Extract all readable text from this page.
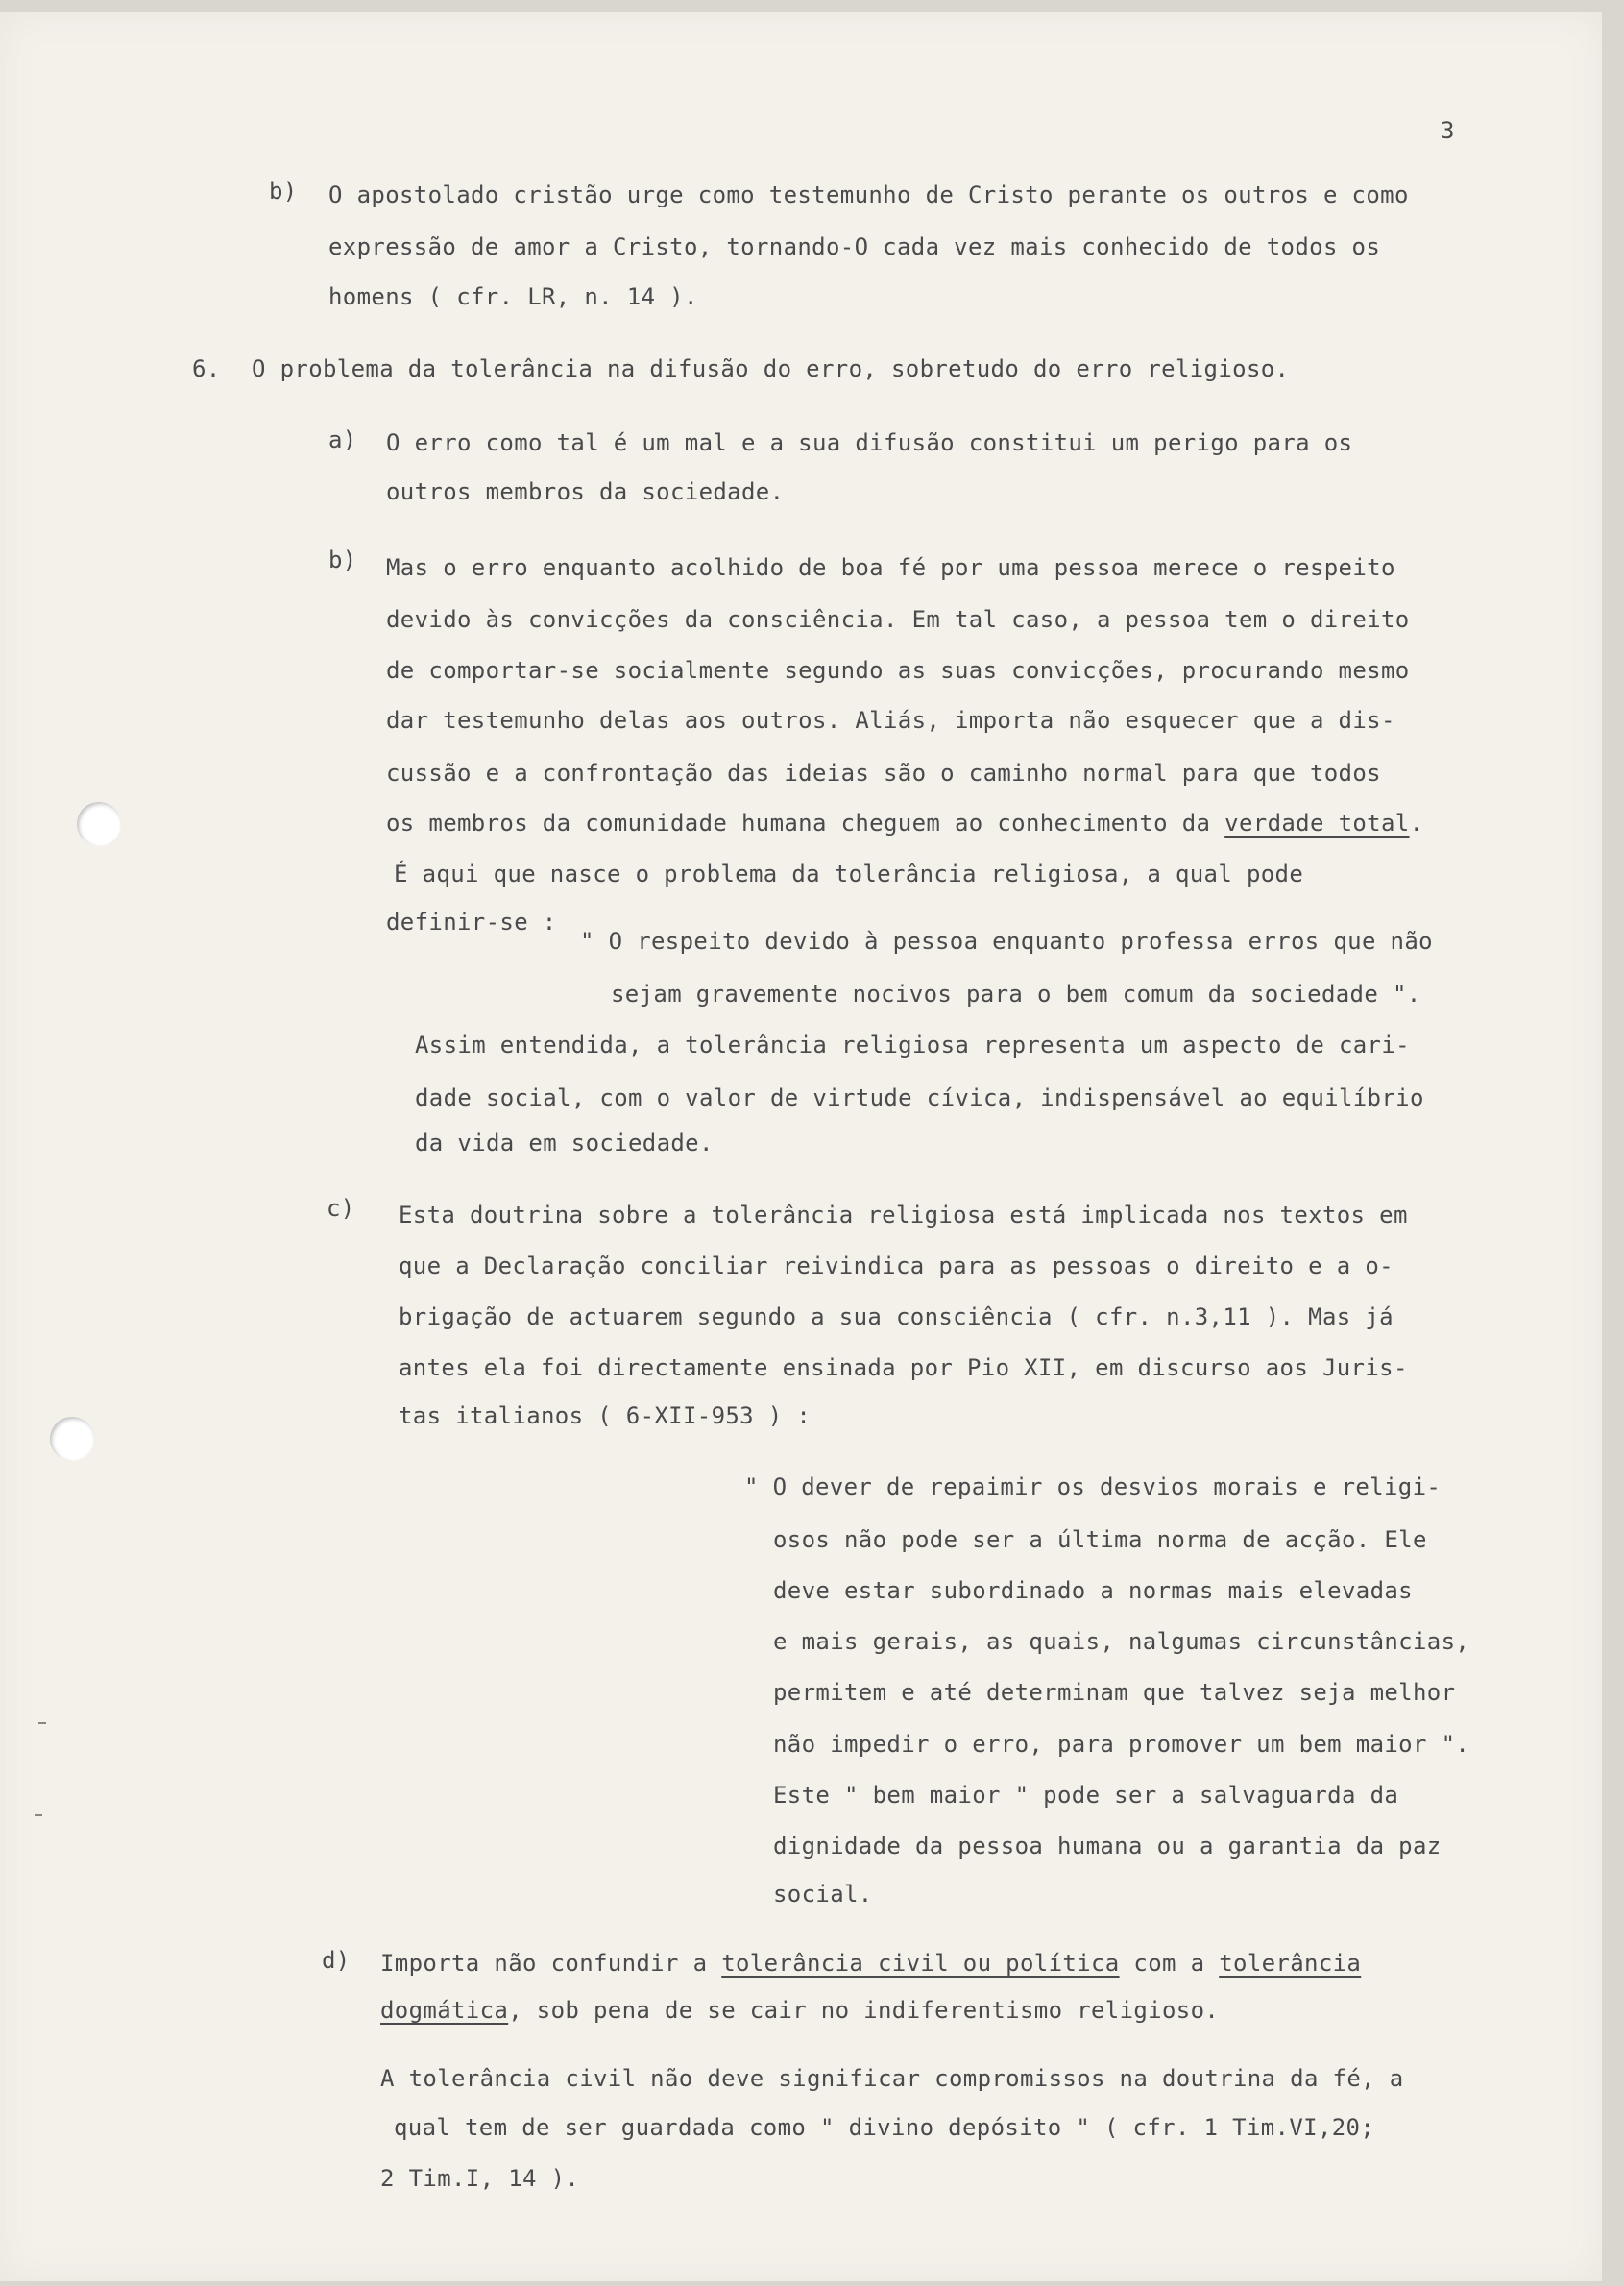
3
b) O apostolado cristão urge como testemunho de Cristo perante os outros e como
expressão de amor a Cristo, tornando-O cada vez mais conhecido de todos os
homens ( cfr. LR, n. 14 ).
6. O problema da tolerância na difusão do erro, sobretudo do erro religioso.
a) O erro como tal é um mal e a sua difusão constitui um perigo para os
outros membros da sociedade.
b) Mas o erro enquanto acolhido de boa fé por uma pessoa merece o respeito
devido às convicções da consciência. Em tal caso, a pessoa tem o direito
de comportar-se socialmente segundo as suas convicções, procurando mesmo
dar testemunho delas aos outros. Aliás, importa não esquecer que a dis-
cussão e a confrontação das ideias são o caminho normal para que todos
os membros da comunidade humana cheguem ao conhecimento da verdade total.
É aqui que nasce o problema da tolerância religiosa, a qual pode
definir-se :
" O respeito devido à pessoa enquanto professa erros que não
sejam gravemente nocivos para o bem comum da sociedade ".
Assim entendida, a tolerância religiosa representa um aspecto de cari-
dade social, com o valor de virtude cívica, indispensável ao equilíbrio
da vida em sociedade.
c) Esta doutrina sobre a tolerância religiosa está implicada nos textos em
que a Declaração conciliar reivindica para as pessoas o direito e a o-
brigação de actuarem segundo a sua consciência ( cfr. n.3,11 ). Mas já
antes ela foi directamente ensinada por Pio XII, em discurso aos Juris-
tas italianos ( 6-XII-953 ) :
" O dever de repaimir os desvios morais e religi-
osos não pode ser a última norma de acção. Ele
deve estar subordinado a normas mais elevadas
e mais gerais, as quais, nalgumas circunstâncias,
permitem e até determinam que talvez seja melhor
não impedir o erro, para promover um bem maior ".
Este " bem maior " pode ser a salvaguarda da
dignidade da pessoa humana ou a garantia da paz
social.
d) Importa não confundir a tolerância civil ou política com a tolerância
dogmática, sob pena de se cair no indiferentismo religioso.
A tolerância civil não deve significar compromissos na doutrina da fé, a
qual tem de ser guardada como " divino depósito " ( cfr. 1 Tim.VI,20;
2 Tim.I, 14 ).
